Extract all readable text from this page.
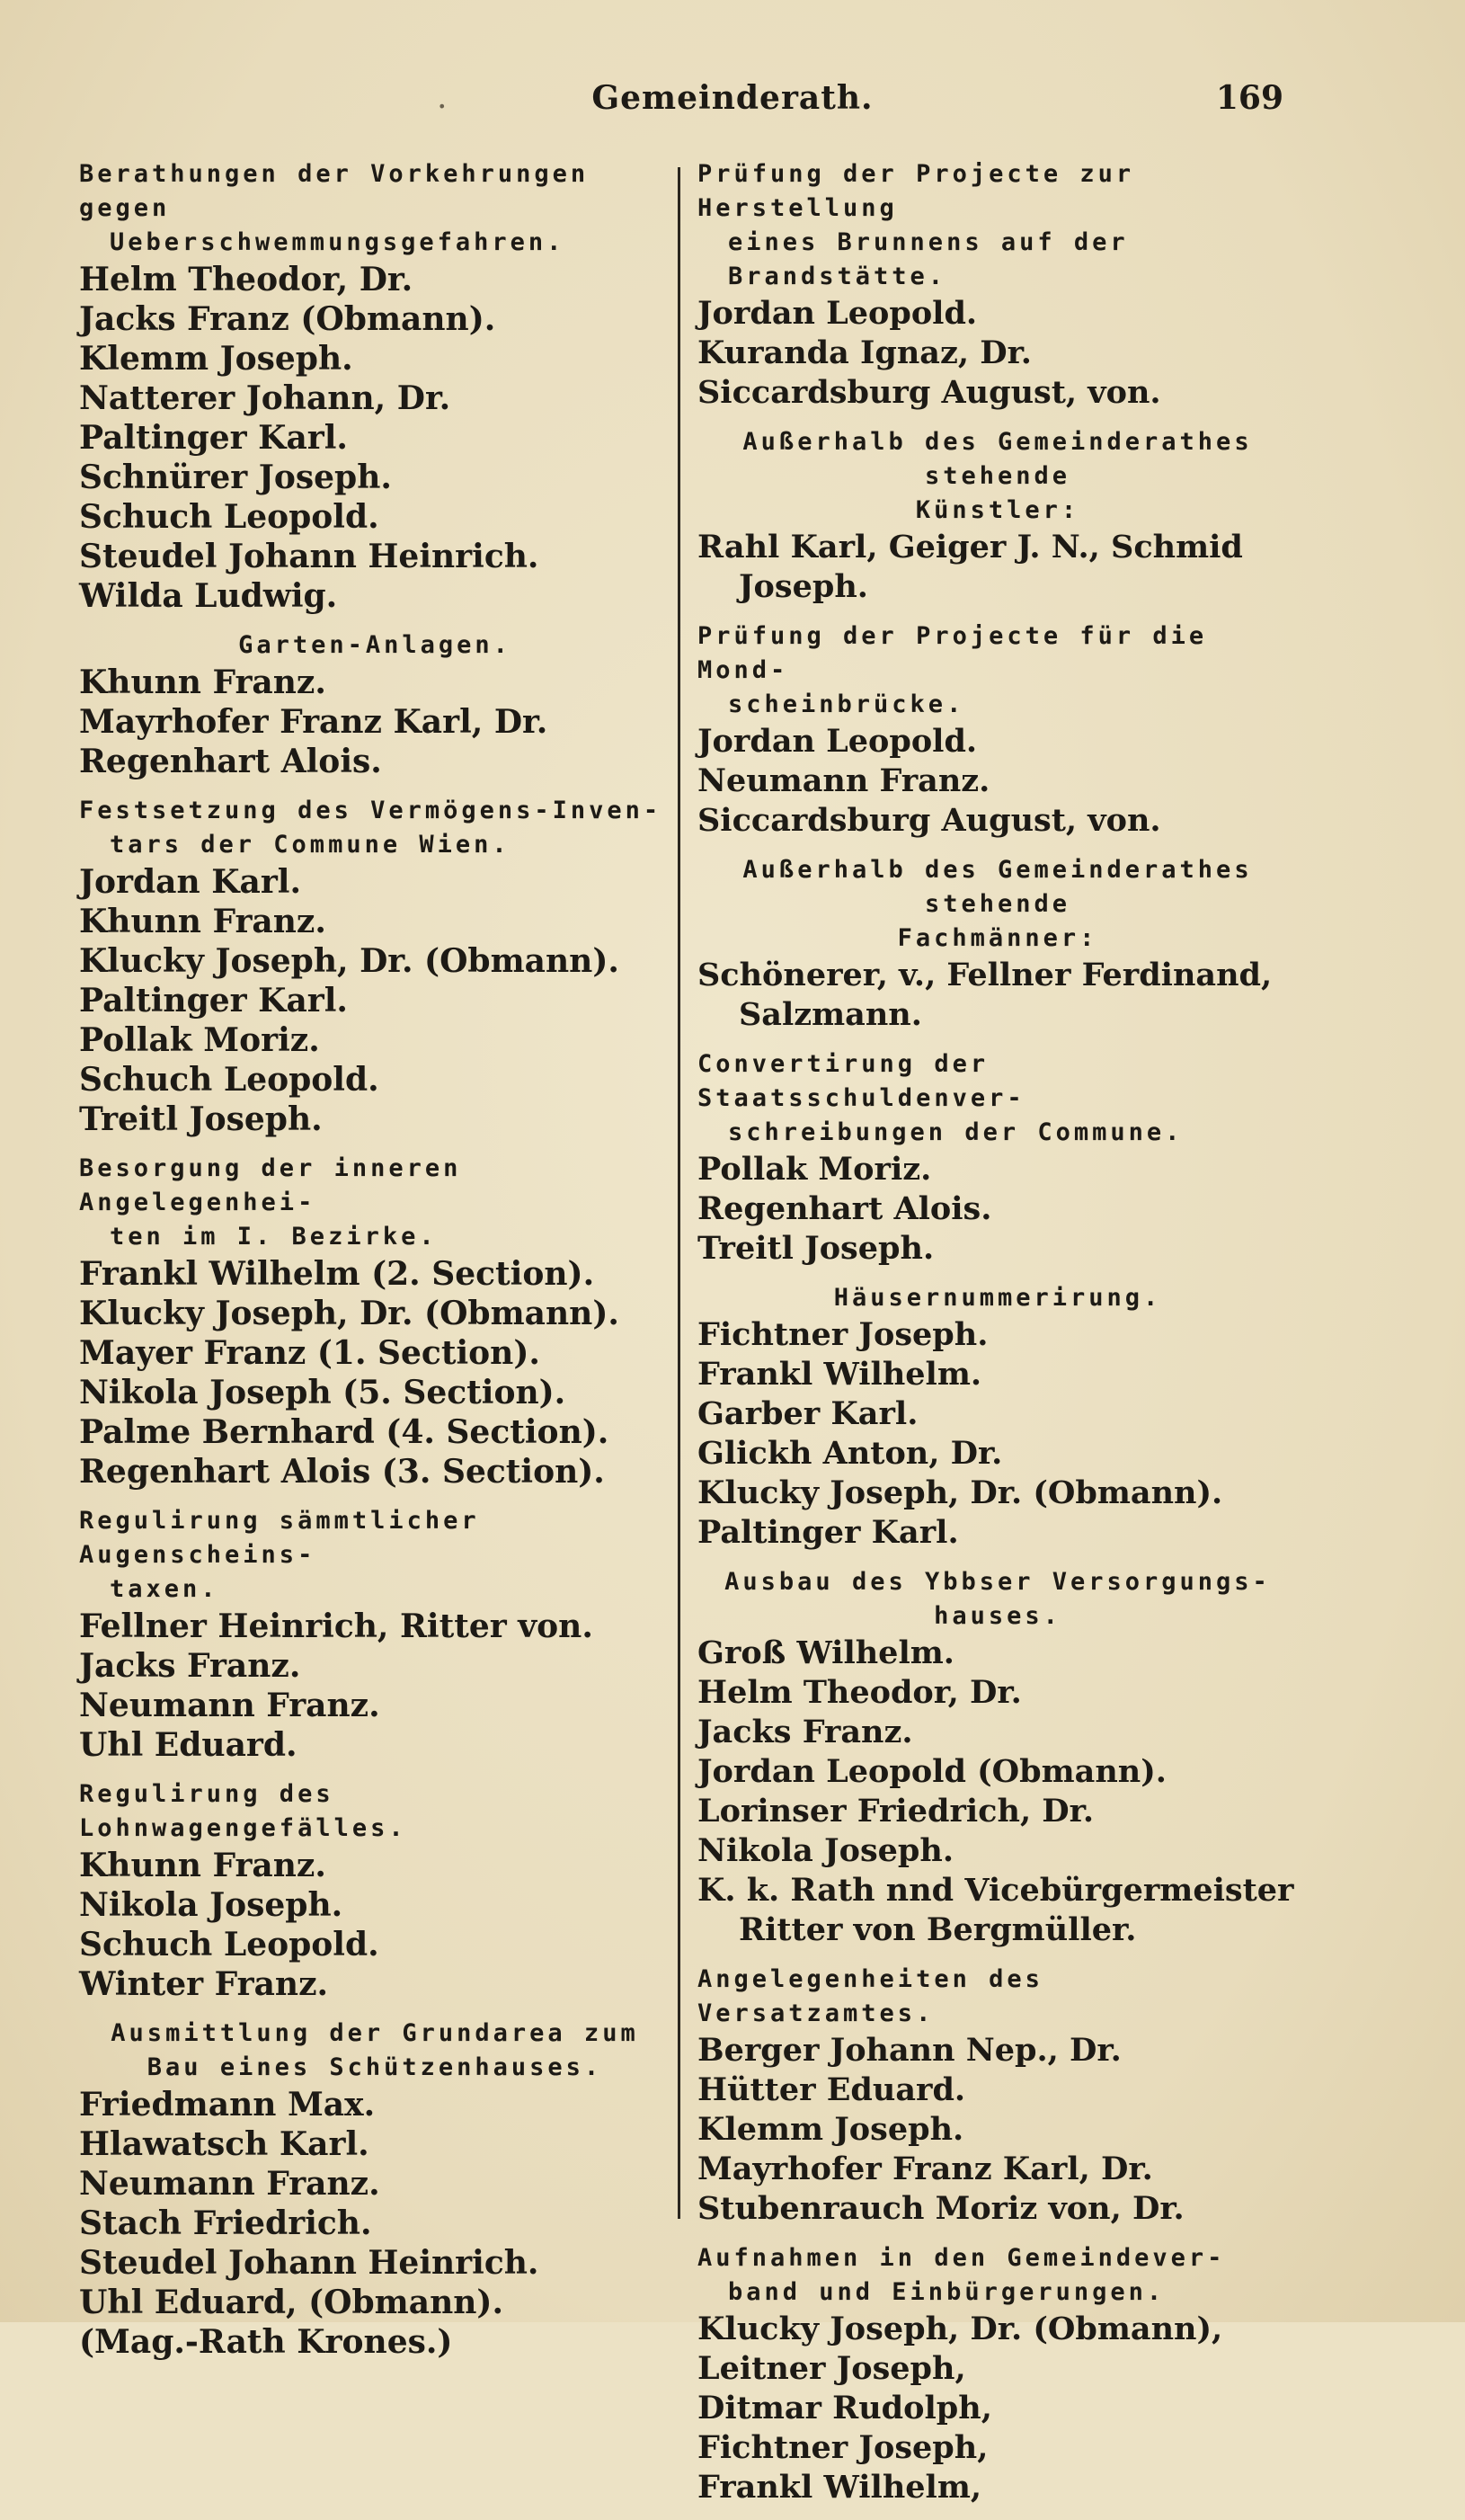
.	Gemeinderath.	169

Berathungen der Vorkehrungen gegen
Ueberschwemmungsgefahren.

Helm Theodor, Dr.

Jacks Franz (Obmann).

Klemm Joseph.

Natterer Johann, Dr.

Paltinger Karl.

Schnürer Joseph.

Schuch Leopold.

Steudel Johann Heinrich.

Wilda Ludwig.

Garten-Anlagen.

Khunn Franz.

Mayrhofer Franz Karl, Dr.

Regenhart Alois.

Festsetzung des Vermögens-Inven-
tars der Commune Wien.

Jordan Karl.

Khunn Franz.

Klucky Joseph, Dr. (Obmann).

Paltinger Karl.

Pollak Moriz.

Schuch Leopold.

Treitl Joseph.

Besorgung der inneren Angelegenhei-
ten im I. Bezirke.

Frankl Wilhelm (2. Section).

Klucky Joseph, Dr. (Obmann).

Mayer Franz (1. Section).

Nikola Joseph (5. Section).

Palme Bernhard (4. Section).

Regenhart Alois (3. Section).

Regulirung sämmtlicher Augenscheins-
taxen.

Fellner Heinrich, Ritter von.

Jacks Franz.

Neumann Franz.

Uhl Eduard.

Regulirung des Lohnwagengefälles.

Khunn Franz.

Nikola Joseph.

Schuch Leopold.

Winter Franz.

Ausmittlung der Grundarea zum
Bau eines Schützenhauses.

Friedmann Max.

Hlawatsch Karl.

Neumann Franz.

Stach Friedrich.

Steudel Johann Heinrich.

Uhl Eduard, (Obmann).

(Mag.-Rath Krones.)

Prüfung der Projecte zur Herstellung
eines Brunnens auf der Brandstätte.

Jordan Leopold.

Kuranda Ignaz, Dr.

Siccardsburg August, von.

Außerhalb des Gemeinderathes stehende
Künstler:

Rahl Karl, Geiger J. N., Schmid Joseph.

Prüfung der Projecte für die Mond-
scheinbrücke.

Jordan Leopold.

Neumann Franz.

Siccardsburg August, von.

Außerhalb des Gemeinderathes stehende
Fachmänner:

Schönerer, v., Fellner Ferdinand, Salzmann.

Convertirung der Staatsschuldenver-
schreibungen der Commune.

Pollak Moriz.

Regenhart Alois.

Treitl Joseph.

Häusernummerirung.

Fichtner Joseph.

Frankl Wilhelm.

Garber Karl.

Glickh Anton, Dr.

Klucky Joseph, Dr. (Obmann).

Paltinger Karl.

Ausbau des Ybbser Versorgungs-
hauses.

Groß Wilhelm.

Helm Theodor, Dr.

Jacks Franz.

Jordan Leopold (Obmann).

Lorinser Friedrich, Dr.

Nikola Joseph.

K. k. Rath nnd Vicebürgermeister Ritter von Bergmüller.

Angelegenheiten des Versatzamtes.

Berger Johann Nep., Dr.

Hütter Eduard.

Klemm Joseph.

Mayrhofer Franz Karl, Dr.

Stubenrauch Moriz von, Dr.

Aufnahmen in den Gemeindever-
band und Einbürgerungen.

Klucky Joseph, Dr. (Obmann),

Leitner Joseph,

Ditmar Rudolph,

Fichtner Joseph,

Frankl Wilhelm,
